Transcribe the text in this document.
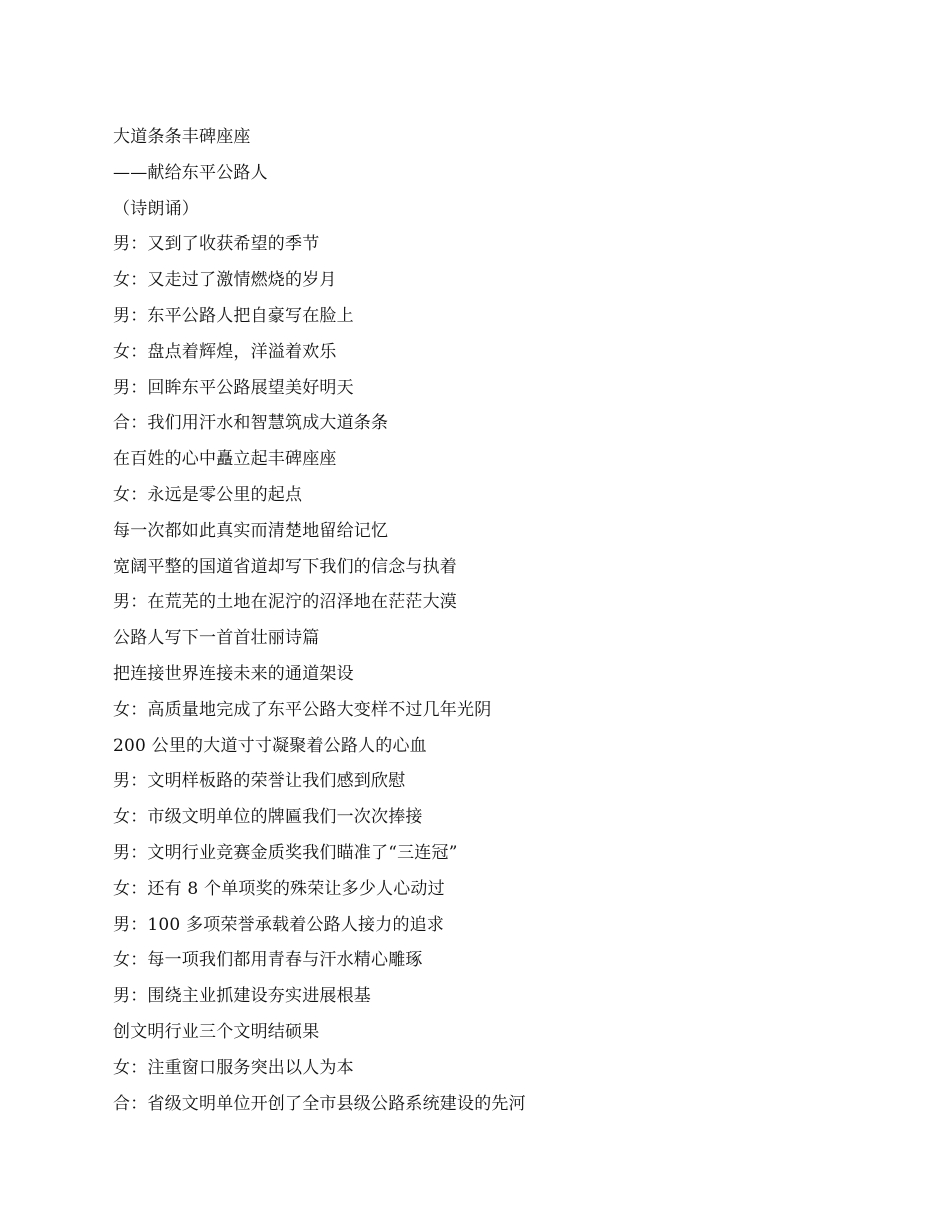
大道条条丰碑座座
——献给东平公路人
（诗朗诵）
男：又到了收获希望的季节
女：又走过了激情燃烧的岁月
男：东平公路人把自豪写在脸上
女：盘点着辉煌，洋溢着欢乐
男：回眸东平公路展望美好明天
合：我们用汗水和智慧筑成大道条条
在百姓的心中矗立起丰碑座座
女：永远是零公里的起点
每一次都如此真实而清楚地留给记忆
宽阔平整的国道省道却写下我们的信念与执着
男：在荒芜的土地在泥泞的沼泽地在茫茫大漠
公路人写下一首首壮丽诗篇
把连接世界连接未来的通道架设
女：高质量地完成了东平公路大变样不过几年光阴
200 公里的大道寸寸凝聚着公路人的心血
男：文明样板路的荣誉让我们感到欣慰
女：市级文明单位的牌匾我们一次次捧接
男：文明行业竞赛金质奖我们瞄准了“三连冠”
女：还有 8 个单项奖的殊荣让多少人心动过
男：100 多项荣誉承载着公路人接力的追求
女：每一项我们都用青春与汗水精心雕琢
男：围绕主业抓建设夯实进展根基
创文明行业三个文明结硕果
女：注重窗口服务突出以人为本
合：省级文明单位开创了全市县级公路系统建设的先河
